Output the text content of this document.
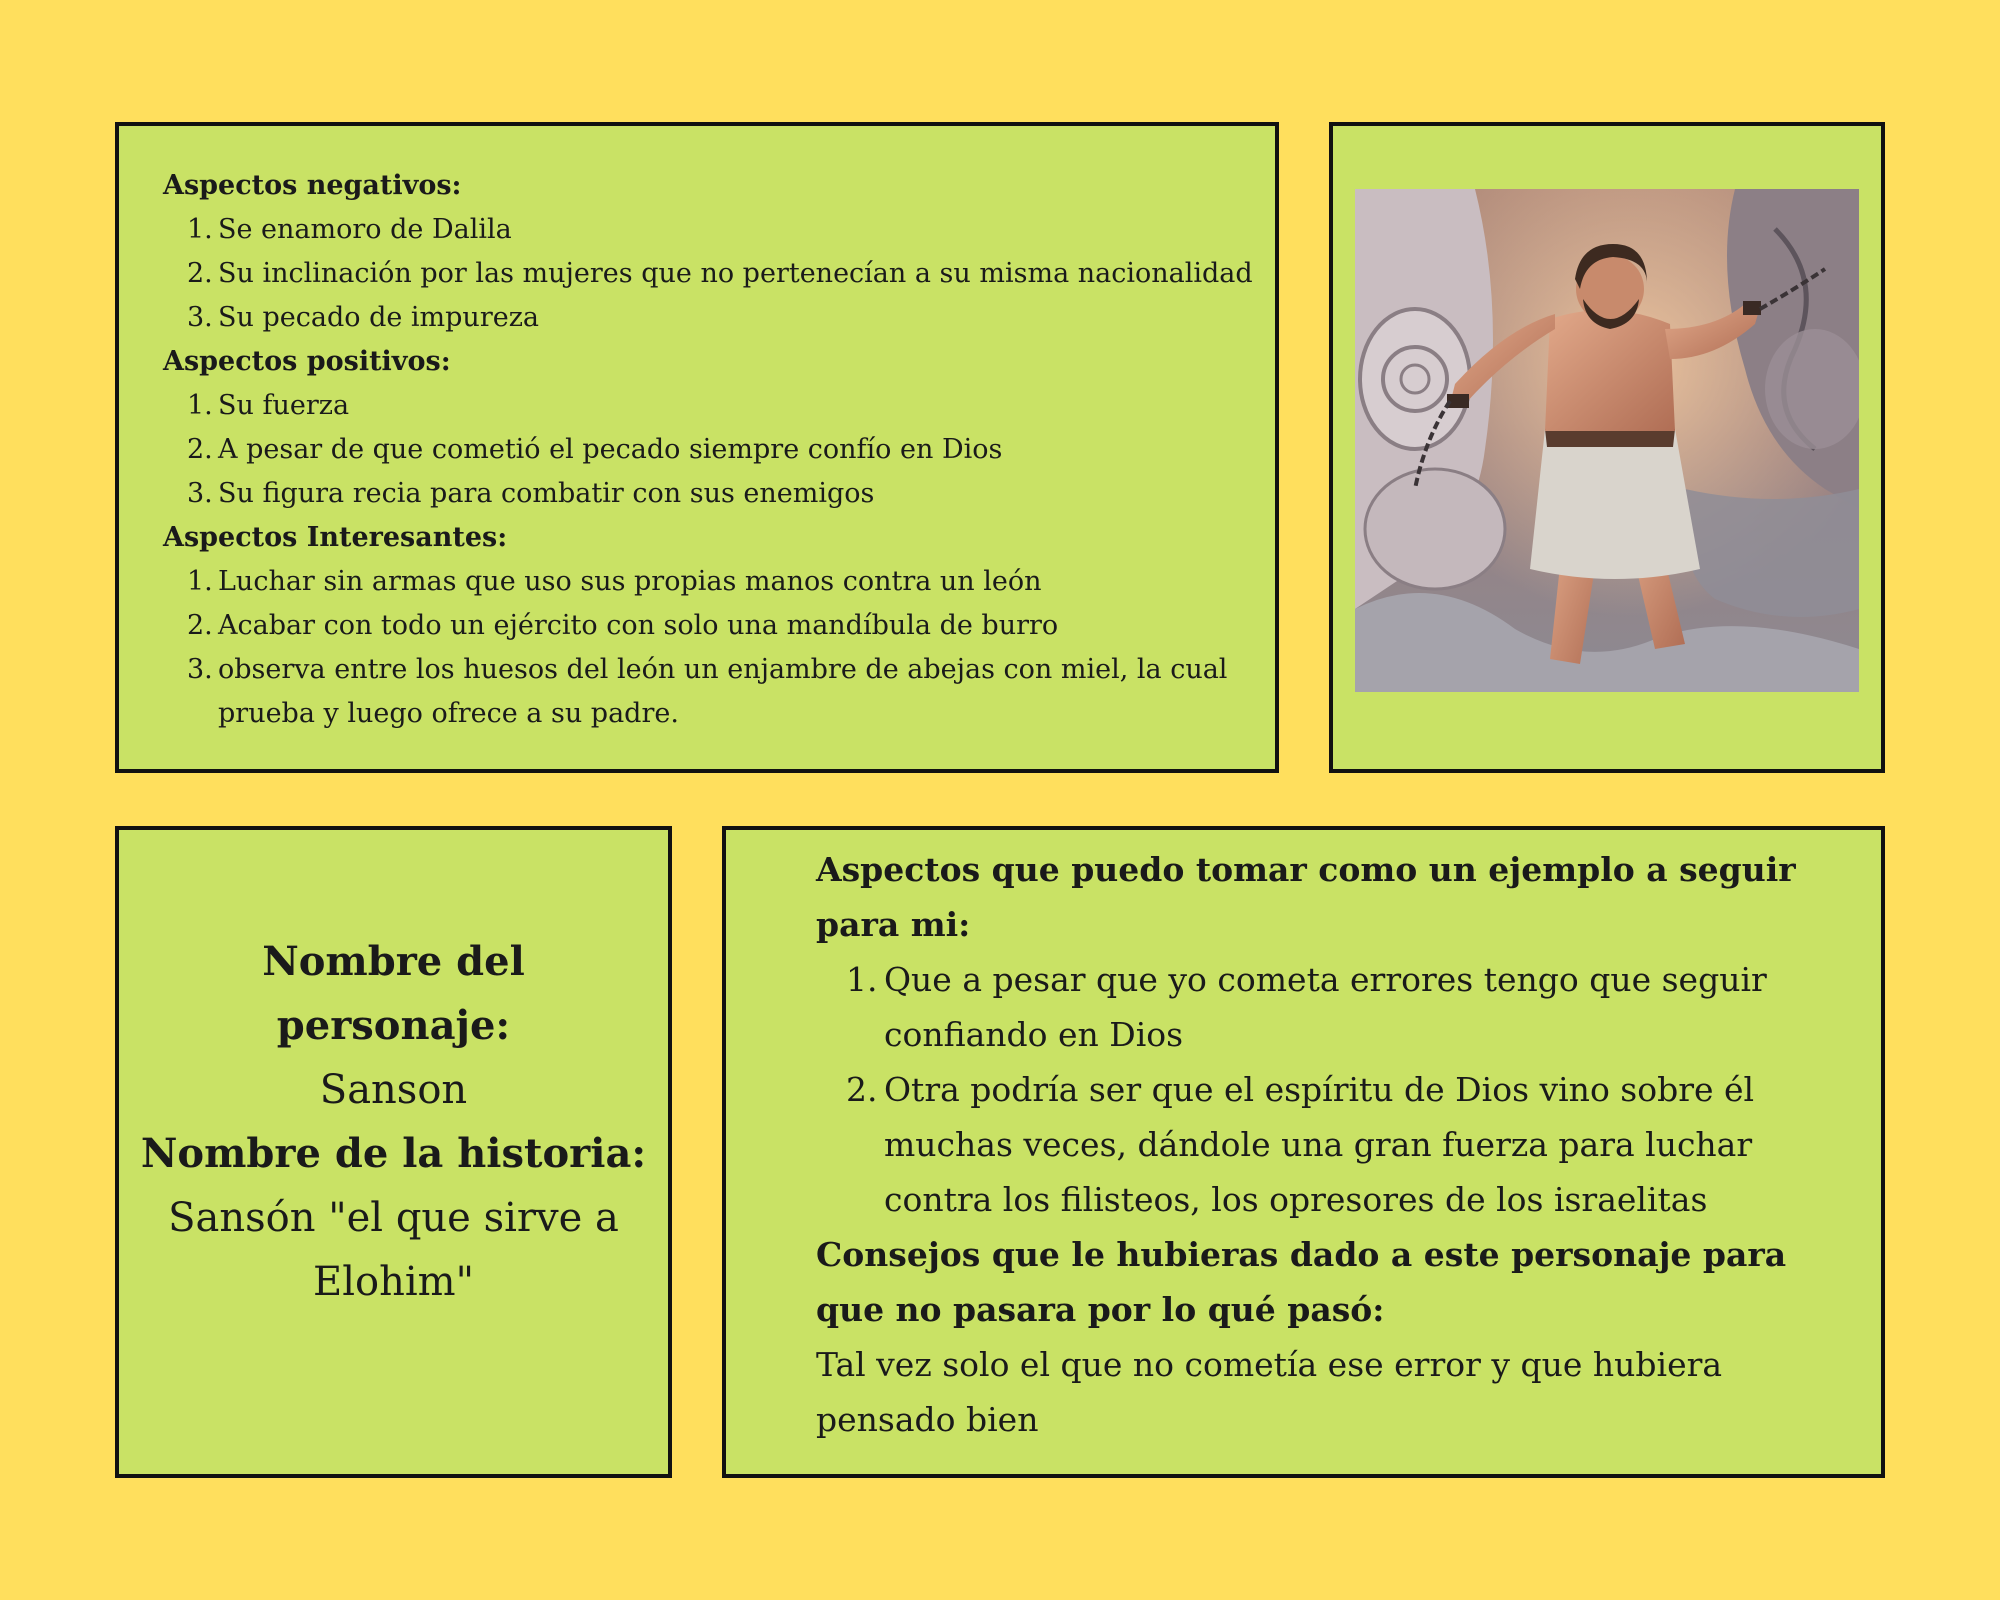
Aspectos negativos:

1. Se enamoro de Dalila
2. Su inclinación por las mujeres que no pertenecían a su misma nacionalidad
3. Su pecado de impureza

Aspectos positivos:

1. Su fuerza
2. A pesar de que cometió el pecado siempre confío en Dios
3. Su figura recia para combatir con sus enemigos

Aspectos Interesantes:

1. Luchar sin armas que uso sus propias manos contra un león
2. Acabar con todo un ejército con solo una mandíbula de burro
3. observa entre los huesos del león un enjambre de abejas con miel, la cual prueba y luego ofrece a su padre.
Nombre del
personaje:
Sanson
Nombre de la historia:
Sansón "el que sirve a
Elohim"

Aspectos que puedo tomar como un ejemplo a seguir para mi:

1. Que a pesar que yo cometa errores tengo que seguir confiando en Dios
2. Otra podría ser que el espíritu de Dios vino sobre él muchas veces, dándole una gran fuerza para luchar contra los filisteos, los opresores de los israelitas

Consejos que le hubieras dado a este personaje para que no pasara por lo qué pasó:

Tal vez solo el que no cometía ese error y que hubiera pensado bien
